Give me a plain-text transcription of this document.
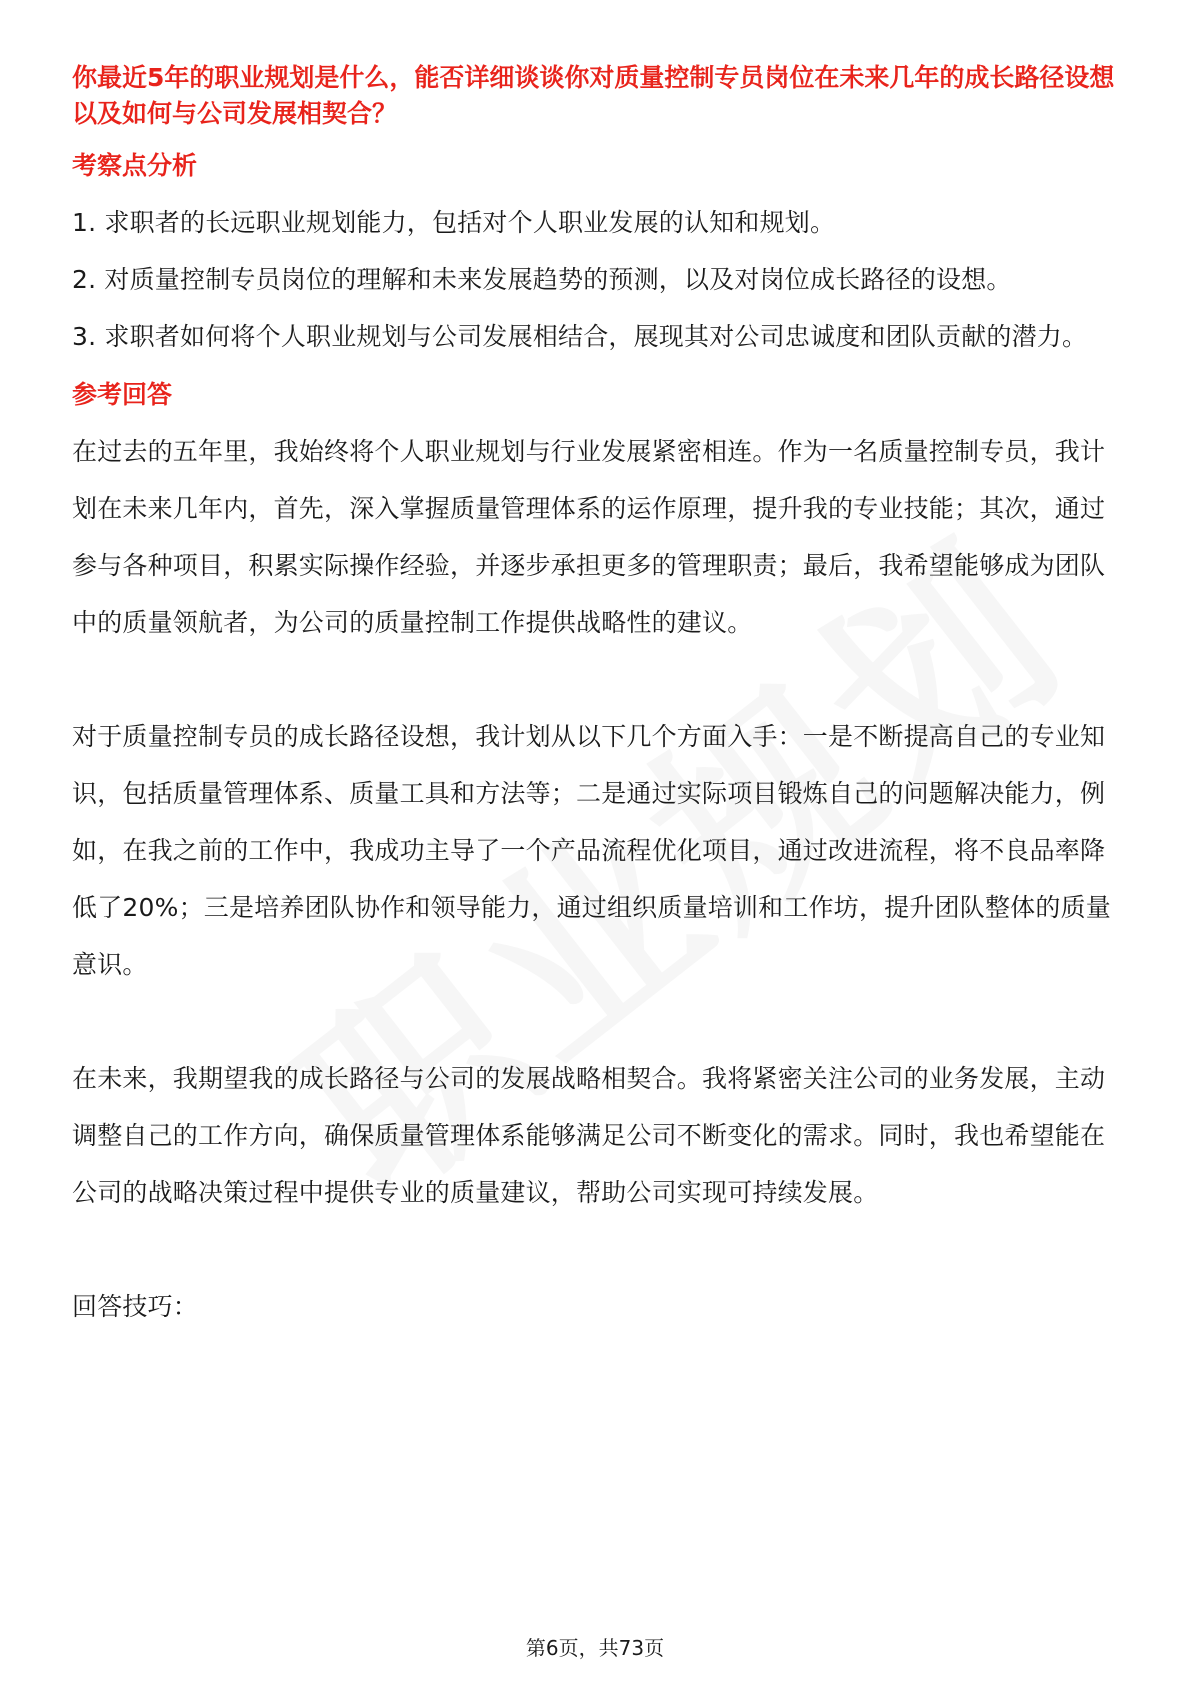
你最近5年的职业规划是什么，能否详细谈谈你对质量控制专员岗位在未来几年的成长路径设想以及如何与公司发展相契合？

考察点分析

1. 求职者的长远职业规划能力，包括对个人职业发展的认知和规划。

2. 对质量控制专员岗位的理解和未来发展趋势的预测，以及对岗位成长路径的设想。

3. 求职者如何将个人职业规划与公司发展相结合，展现其对公司忠诚度和团队贡献的潜力。

参考回答

在过去的五年里，我始终将个人职业规划与行业发展紧密相连。作为一名质量控制专员，我计划在未来几年内，首先，深入掌握质量管理体系的运作原理，提升我的专业技能；其次，通过参与各种项目，积累实际操作经验，并逐步承担更多的管理职责；最后，我希望能够成为团队中的质量领航者，为公司的质量控制工作提供战略性的建议。

对于质量控制专员的成长路径设想，我计划从以下几个方面入手：一是不断提高自己的专业知识，包括质量管理体系、质量工具和方法等；二是通过实际项目锻炼自己的问题解决能力，例如，在我之前的工作中，我成功主导了一个产品流程优化项目，通过改进流程，将不良品率降低了20%；三是培养团队协作和领导能力，通过组织质量培训和工作坊，提升团队整体的质量意识。

在未来，我期望我的成长路径与公司的发展战略相契合。我将紧密关注公司的业务发展，主动调整自己的工作方向，确保质量管理体系能够满足公司不断变化的需求。同时，我也希望能在公司的战略决策过程中提供专业的质量建议，帮助公司实现可持续发展。

回答技巧：

第6页，共73页
